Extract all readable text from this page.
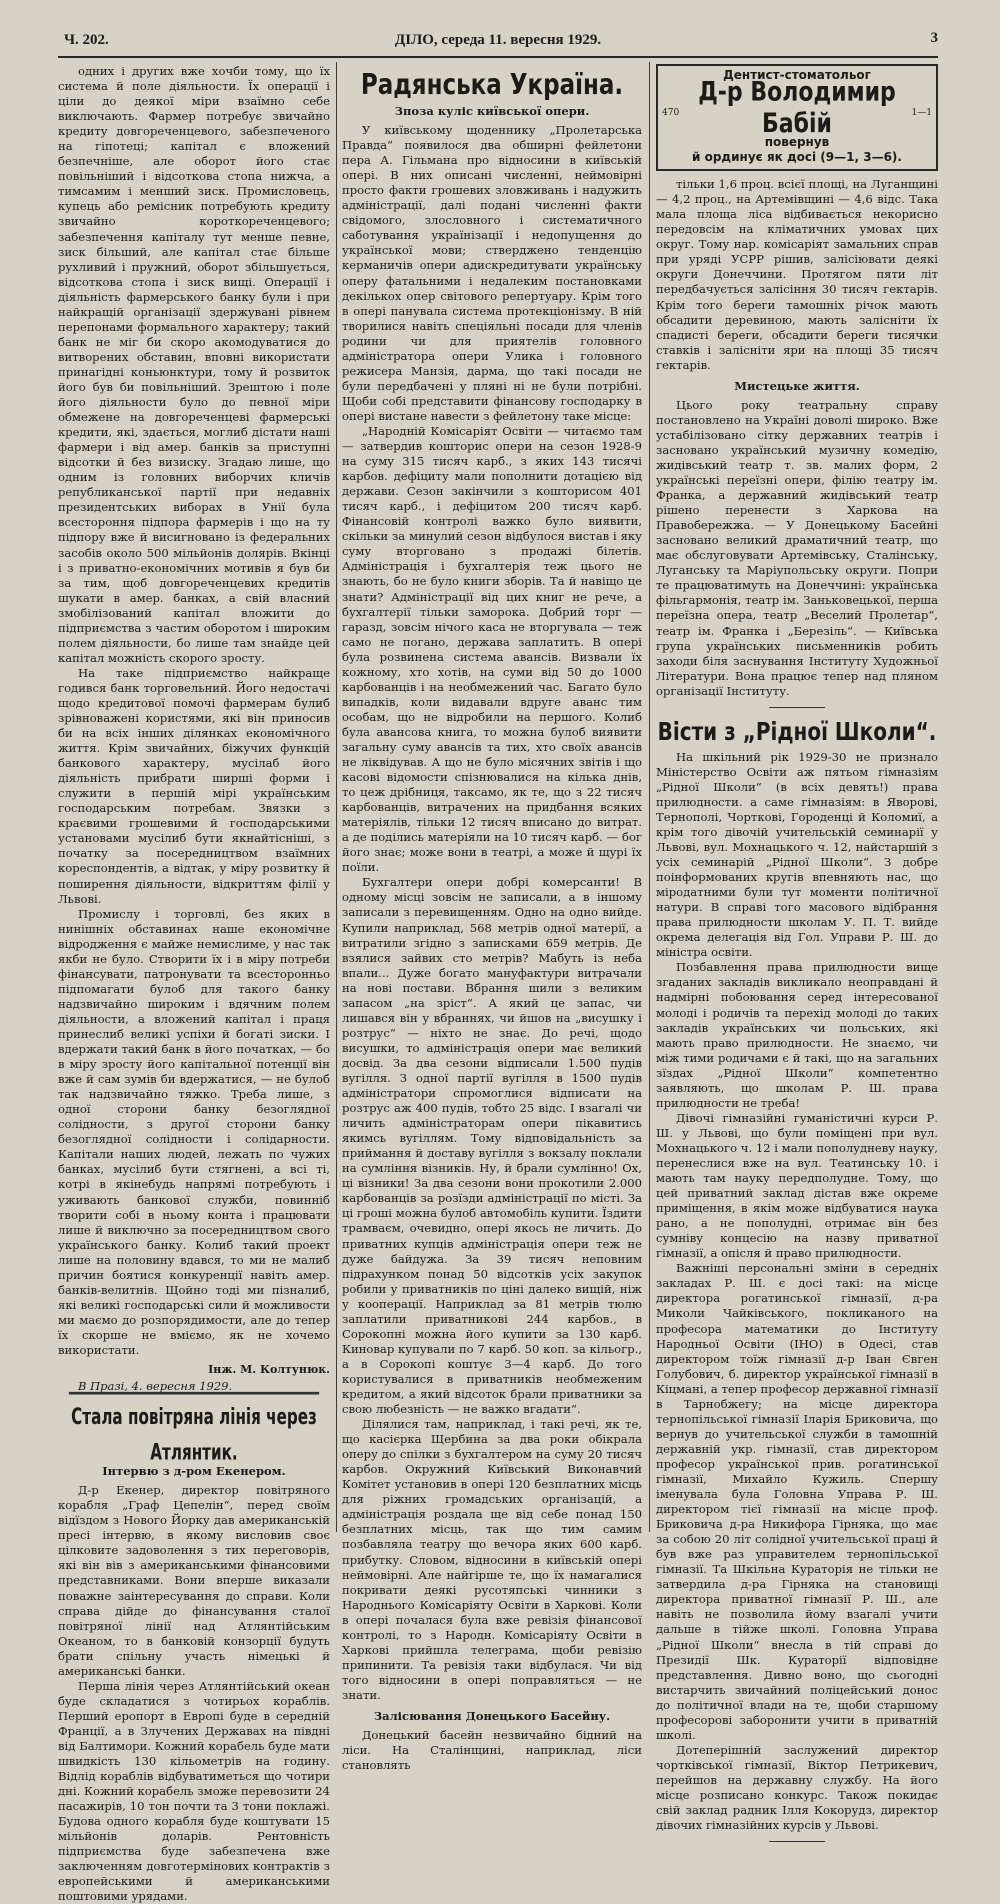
Ч. 202.	ДІЛО, середа 11. вересня 1929.	3

одних і других вже хочби тому, що їх система й поле діяльности. Їх операції і ціли до деякої міри взаїмно себе виключають. Фармер потребує звичайно кредиту довгореченцевого, забезпеченого на гіпотеці; капітал є вложений безпечніше, але оборот його стає повільніший і відсоткова стопа нижча, а тимсамим і менший зиск. Промисловець, купець або ремісник потребують кредиту звичайно короткореченцевого; забезпечення капіталу тут менше певне, зиск більший, але капітал стає більше рухливий і пружний, оборот збільшується, відсоткова стопа і зиск вищі. Операції і діяльність фармерського банку були і при найкращій організації здержувані рівнем перепонами формального характеру; такий банк не міг би скоро акомодуватися до витворених обставин, вповні використати принагідні коньюнктури, тому й розвиток його був би повільніший. Зрештою і поле його діяльности було до певної міри обмежене на довгореченцеві фармерські кредити, які, здається, моглиб дістати наші фармери і від амер. банків за приступні відсотки й без визиску. Згадаю лише, що одним із головних виборчих кличів републиканської партії при недавніх президентських виборах в Унії була всестороння підпора фармерів і що на ту підпору вже й висигновано із федеральних засобів около 500 мільйонів долярів. Вкінці і з приватно-економічних мотивів я був би за тим, щоб довгореченцевих кредитів шукати в амер. банках, а свій власний змобілізований капітал вложити до підприємства з частим оборотом і широким полем діяльности, бо лише там знайде цей капітал можність скорого зросту.

На таке підприємство найкраще годився банк торговельний. Його недостачі щодо кредитової помочі фармерам булиб зрівноважені користями, які він приносив би на всіх інших ділянках економічного життя. Крім звичайних, біжучих функцій банкового характеру, мусілаб його діяльність прибрати ширші форми і служити в першій мірі українським господарським потребам. Звязки з краєвими грошевими й господарськими установами мусілиб бути якнайтісніші, з початку за посередництвом взаїмних кореспондентів, а відтак, у міру розвитку й поширення діяльности, відкриттям філії у Львові.

Промислу і торговлі, без яких в нинішніх обставинах наше економічне відродження є майже немислиме, у нас так якби не було. Створити їх і в міру потреби фінансувати, патронувати та всесторонньо підпомагати булоб для такого банку надзвичайно широким і вдячним полем діяльности, а вложений капітал і праця принеслиб великі успіхи й богаті зиски. І вдержати такий банк в його початках, — бо в міру зросту його капітальної потенції він вже й сам зумів би вдержатися, — не булоб так надзвичайно тяжко. Треба лише, з одної сторони банку безоглядної солідности, з другої сторони банку безоглядної солідности і солідарности. Капітали наших людей, лежать по чужих банках, мусілиб бути стягнені, а всі ті, котрі в якінебудь напрямі потребують і уживають банкової служби, повинніб творити собі в ньому конта і працювати лише й виключно за посередництвом свого українського банку. Колиб такий проект лише на половину вдався, то ми не малиб причин боятися конкуренції навіть амер. банків-велитнів. Щойно тоді ми пізналиб, які великі господарські сили й можливости ми маємо до розпорядимости, але до тепер їх скорше не вміємо, як не хочемо використати.

Інж. М. Колтунюк.
В Празі, 4. вересня 1929.
Стала повітряна лінія через Атлянтик.
Інтервю з д-ром Екенером.

Д-р Екенер, директор повітряного корабля „Граф Цепелін“, перед своїм відїздом з Нового Йорку дав американській пресі інтервю, в якому висловив своє цілковите задоволення з тих переговорів, які він вів з американськими фінансовими представниками. Вони вперше виказали поважне заінтересування до справи. Коли справа дійде до фінансування сталої повітряної лінії над Атлянтійським Океаном, то в банковій конзорції будуть брати спільну участь німецькі й американські банки.

Перша лінія через Атлянтійський океан буде складатися з чотирьох кораблів. Перший еропорт в Европі буде в середній Франції, а в Злучених Державах на півдні від Балтимори. Кожний корабель буде мати швидкість 130 кільометрів на годину. Відлід кораблів відбуватиметься що чотири дні. Кожний корабель зможе перевозити 24 пасажирів, 10 тон почти та 3 тони поклажі. Будова одного корабля буде коштувати 15 мільйонів доларів. Рентовність підприємства буде забезпечена вже заключенням довготермінових контрактів з европейськими й американськими поштовими урядами.

Радянська Україна.
Зпоза куліс київської опери.

У київському щоденнику „Пролетарська Правда“ появилося два обширні фейлетони пера А. Гільмана про відносини в київській опері. В них описані численні, неймовірні просто факти грошевих зловживань і надужить адміністрації, далі подані численні факти свідомого, злословного і систематичного саботування українізації і недопущення до української мови; стверджено тенденцію керманичів опери адискредитувати українську оперу фатальними і недалеким постановками декількох опер світового репертуару. Крім того в опері панувала система протекціонізму. В ній творилися навіть спеціяльні посади для членів родини чи для приятелів головного адміністратора опери Улика і головного режисера Манзія, дарма, що такі посади не були передбачені у пляні ні не були потрібні. Щоби собі представити фінансову господарку в опері вистане навести з фейлетону таке місце:

„Народній Комісаріят Освіти — читаємо там — затвердив кошторис опери на сезон 1928-9 на суму 315 тисяч карб., з яких 143 тисячі карбов. дефіциту мали пополнити дотацією від держави. Сезон закінчили з кошторисом 401 тисяч карб., і дефіцитом 200 тисяч карб. Фінансовій контролі важко було виявити, скільки за минулий сезон відбулося вистав і яку суму вторговано з продажі білетів. Адміністрація і бухгалтерія теж цього не знають, бо не було книги зборів. Та й навіщо це знати? Адміністрації від цих книг не рече, а бухгалтерії тільки заморока. Добрий торг — гаразд, зовсім нічого каса не вторгувала — теж само не погано, держава заплатить. В опері була розвинена система авансів. Визвали їх кожному, хто хотів, на суми від 50 до 1000 карбованців і на необмежений час. Багато було випадків, коли видавали вдруге аванс тим особам, що не відробили на першого. Колиб була авансова книга, то можна булоб виявити загальну суму авансів та тих, хто своїх авансів не ліквідував. А що не було місячних звітів і що касові відомости спізнювалися на кілька днів, то цеж дрібниця, таксамо, як те, що з 22 тисяч карбованців, витрачених на придбання всяких матеріялів, тільки 12 тисяч вписано до витрат. а де поділись матеріяли на 10 тисяч карб. — бог його знає; може вони в театрі, а може й щурі їх поїли.

Бухгалтери опери добрі комерсанти! В одному місці зовсім не записали, а в іншому записали з перевищенням. Одно на одно вийде. Купили наприклад, 568 метрів одної матерії, а витратили згідно з записками 659 метрів. Де взялися зайвих сто метрів? Мабуть із неба впали... Дуже богато мануфактури витрачали на нові постави. Вбрання шили з великим запасом „на зріст“. А який це запас, чи лишався він у вбраннях, чи йшов на „висушку і розтрус“ — ніхто не знає. До речі, щодо висушки, то адміністрація опери має великий досвід. За два сезони відписали 1.500 пудів вугілля. З одної партії вугілля в 1500 пудів адміністратори спромоглися відписати на розтрус аж 400 пудів, тобто 25 відс. І взагалі чи личить адміністраторам опери пікавитись якимсь вугіллям. Тому відповідальність за приймання й доставу вугілля з вокзалу поклали на сумління візників. Ну, й брали сумлінно! Ох, ці візники! За два сезони вони прокотили 2.000 карбованців за розїзди адміністрації по місті. За ці гроші можна булоб автомобіль купити. Їздити трамваєм, очевидно, опері якось не личить. До приватних купців адміністрація опери теж не дуже байдужа. За 39 тисяч неповним підрахунком понад 50 відсотків усіх закупок робили у приватників по ціні далеко вищій, ніж у кооперації. Наприклад за 81 метрів тюлю заплатили приватникові 244 карбов., в Сорокопні можна його купити за 130 карб. Киновар купували по 7 карб. 50 коп. за кільогр., а в Сорокопі коштує 3—4 карб. До того користувалися в приватників необмеженим кредитом, а який відсоток брали приватники за свою любезність — не важко вгадати“.

Ділялися там, наприклад, і такі речі, як те, що касієрка Щербина за два роки обікрала оперу до спілки з бухгалтером на суму 20 тисяч карбов. Окружний Київський Виконавчий Комітет установив в опері 120 безплатних місць для ріжних громадських організацій, а адміністрація роздала ще від себе понад 150 безплатних місць, так що тим самим позбавляла театру що вечора яких 600 карб. прибутку. Словом, відносини в київській опері неймовірні. Але найгірше те, що їх намагалися покривати деякі русотяпські чинники з Народнього Комісаріяту Освіти в Харкові. Коли в опері почалася була вже ревізія фінансової контролі, то з Народн. Комісаріяту Освіти в Харкові прийшла телеграма, щоби ревізію припинити. Та ревізія таки відбулася. Чи від того відносини в опері поправляться — не знати.

Залісювання Донецького Басейну.

Донецький басейн незвичайно бідний на ліси. На Сталінщині, наприклад, ліси становлять

Дентист-стоматольог
Д-р Володимир Бабій
повернув
й ординує як досі (9—1, 3—6).
470	1—1

тільки 1,6 проц. всієї площі, на Луганщині — 4,2 проц., на Артемівщині — 4,6 відс. Така мала площа ліса відбивається некорисно передовсім на кліматичних умовах цих округ. Тому нар. комісаріят замальних справ при уряді УСРР рішив, залісіювати деякі округи Донеччини. Протягом пяти літ передбачується залісіння 30 тисяч гектарів. Крім того береги тамошніх річок мають обсадити деревиною, мають залісніти їх спадисті береги, обсадити береги тисячки ставків і залісніти яри на площі 35 тисяч гектарів.

Мистецьке життя.

Цього року театральну справу постановлено на Україні доволі широко. Вже устабілізовано сітку державних театрів і засновано український музичну комедію, жидівський театр т. зв. малих форм, 2 українські переїзні опери, філію театру ім. Франка, а державний жидівський театр рішено перенести з Харкова на Правобережжа. — У Донецькому Басейні засновано великий драматичний театр, що має обслуговувати Артемівську, Сталінську, Луганську та Маріупольську округи. Попри те працюватимуть на Донеччині: українська фільгармонія, театр ім. Заньковецької, перша переїзна опера, театр „Веселий Пролетар“, театр ім. Франка і „Березіль“. — Київська група українських письменників робить заходи біля заснування Інституту Художньої Літератури. Вона працює тепер над пляном організації Інституту.

Вісти з „Рідної Школи“.

На шкільний рік 1929-30 не признало Міністерство Освіти аж пятьом гімназіям „Рідної Школи“ (в всіх девять!) права прилюдности. а саме гімназіям: в Яворові, Тернополі, Чорткові, Городенці й Коломиї, а крім того дівочій учительській семинарії у Львові, вул. Мохнацького ч. 12, найстаршій з усіх семинарій „Рідної Школи“. З добре поінформованих кругів впевняють нас, що міродатними були тут моменти політичної натури. В справі того масового відібрання права прилюдности школам У. П. Т. вийде окрема делегація від Гол. Управи Р. Ш. до міністра освіти.

Позбавлення права прилюдности вище згаданих закладів викликало неоправдані й надмірні побоювання серед інтересованої молоді і родичів та перехід молоді до таких закладів українських чи польських, які мають право прилюдности. Не знаємо, чи між тими родичами є й такі, що на загальних зїздах „Рідної Школи“ компетентно заявляють, що школам Р. Ш. права прилюдности не треба!

Дівочі гімназійні гуманістичні курси Р. Ш. у Львові, що були поміщені при вул. Мохнацького ч. 12 і мали пополудневу науку, перенеслися вже на вул. Театинську 10. і мають там науку передполудне. Тому, що цей приватний заклад дістав вже окреме приміщення, в якім може відбуватися наука рано, а не пополудні, отримає він без сумніву концесію на назву приватної гімназії, а опісля й право прилюдности.

Важніші персональні зміни в середніх закладах Р. Ш. є досі такі: на місце директора рогатинської гімназії, д-ра Миколи Чайківського, покликаного на професора математики до Інституту Народньої Освіти (ІНО) в Одесі, став директором тоїж гімназії д-р Іван Євген Голубович, б. директор української гімназії в Кіцмані, а тепер професор державної гімназії в Тарнобжегу; на місце директора тернопільської гімназії Іларія Бриковича, що вернув до учительської служби в тамошній державній укр. гімназії, став директором професор української прив. рогатинської гімназії, Михайло Кужиль. Спершу іменувала була Головна Управа Р. Ш. директором тієї гімназії на місце проф. Бриковича д-ра Никифора Гірняка, що має за собою 20 літ солідної учительської праці й був вже раз управителем тернопільської гімназії. Та Шкільна Кураторія не тільки не затвердила д-ра Гірняка на становищі директора приватної гімназії Р. Ш., але навіть не позволила йому взагалі учити дальше в тійже школі. Головна Управа „Рідної Школи“ внесла в тій справі до Президії Шк. Кураторії відповідне представлення. Дивно воно, що сьогодні вистарчить звичайний поліцейський донос до політичної влади на те, щоби старшому професорові заборонити учити в приватній школі.

Дотеперішній заслужений директор чортківської гімназії, Віктор Петрикевич, перейшов на державну службу. На його місце розписано конкурс. Також покидає свій заклад радник Ілля Кокорудз, директор дівочих гімназійних курсів у Львові.
